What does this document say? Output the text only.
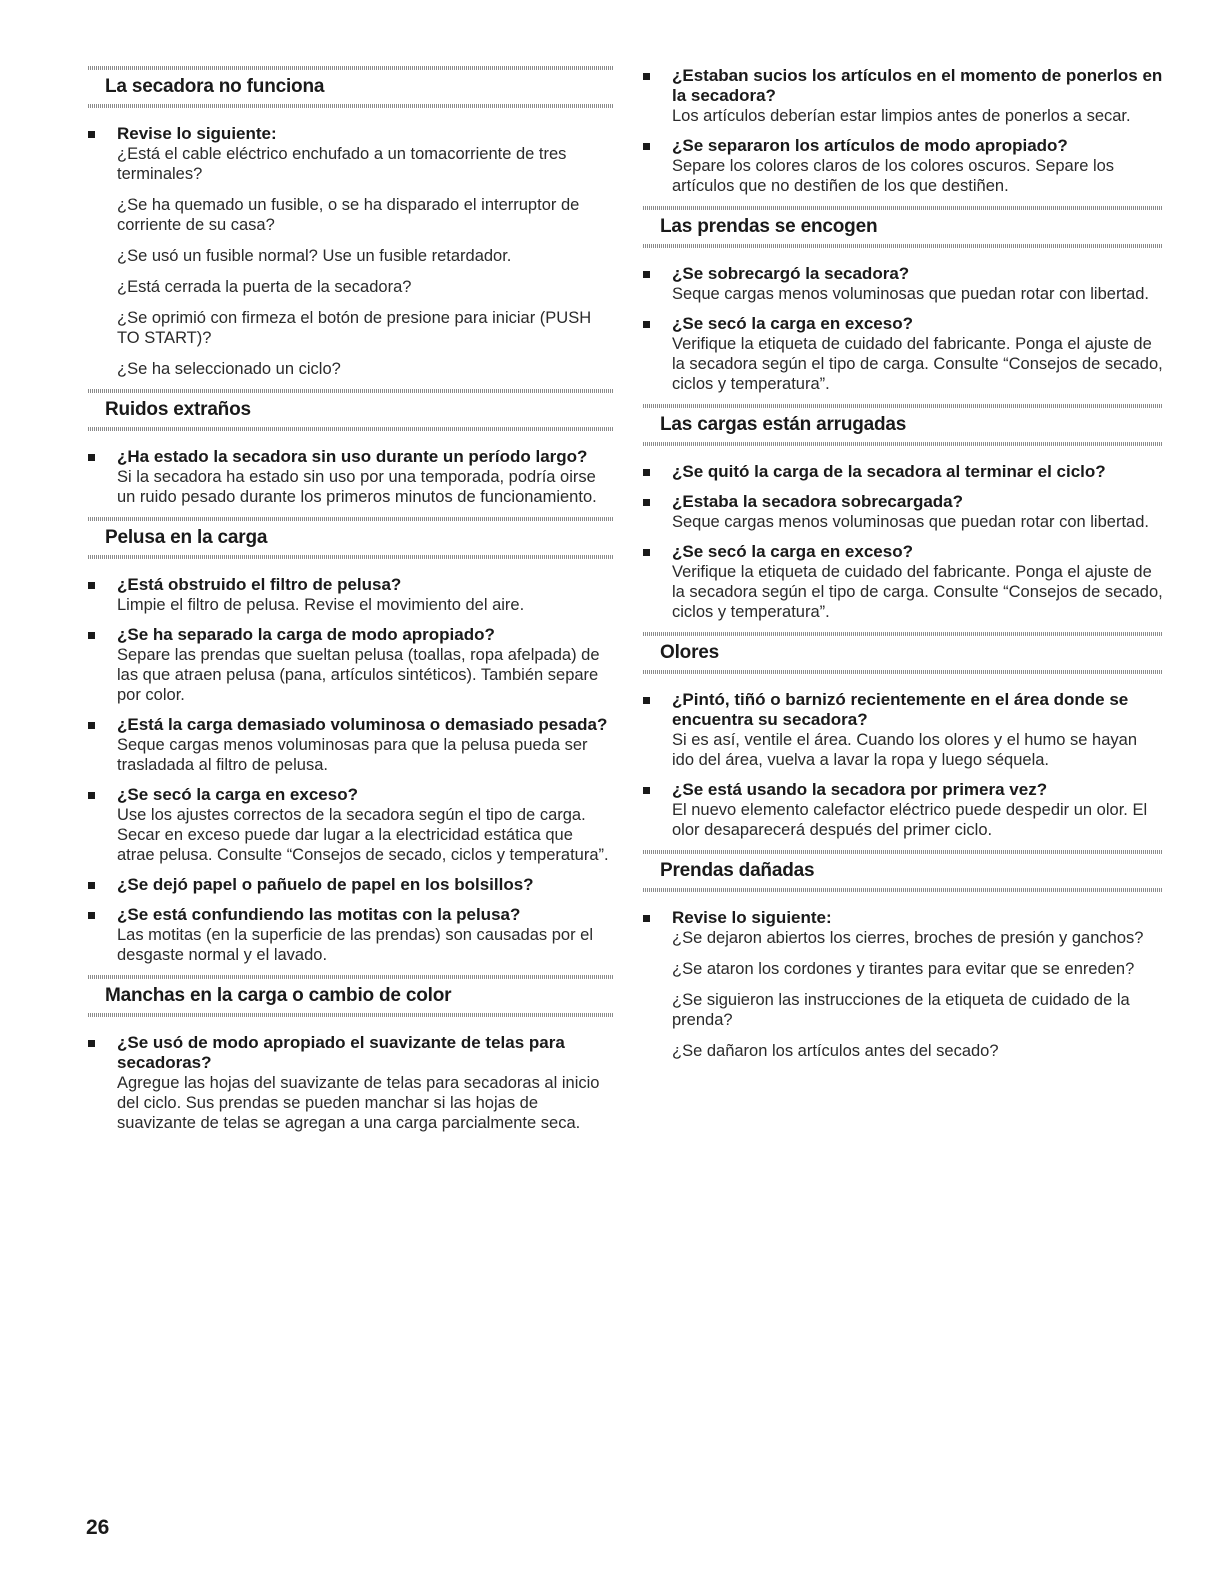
La secadora no funciona
Revise lo siguiente:
¿Está el cable eléctrico enchufado a un tomacorriente de tres terminales?
¿Se ha quemado un fusible, o se ha disparado el interruptor de corriente de su casa?
¿Se usó un fusible normal? Use un fusible retardador.
¿Está cerrada la puerta de la secadora?
¿Se oprimió con firmeza el botón de presione para iniciar (PUSH TO START)?
¿Se ha seleccionado un ciclo?
Ruidos extraños
¿Ha estado la secadora sin uso durante un período largo?
Si la secadora ha estado sin uso por una temporada, podría oirse un ruido pesado durante los primeros minutos de funcionamiento.
Pelusa en la carga
¿Está obstruido el filtro de pelusa?
Limpie el filtro de pelusa. Revise el movimiento del aire.
¿Se ha separado la carga de modo apropiado?
Separe las prendas que sueltan pelusa (toallas, ropa afelpada) de las que atraen pelusa (pana, artículos sintéticos). También separe por color.
¿Está la carga demasiado voluminosa o demasiado pesada?
Seque cargas menos voluminosas para que la pelusa pueda ser trasladada al filtro de pelusa.
¿Se secó la carga en exceso?
Use los ajustes correctos de la secadora según el tipo de carga. Secar en exceso puede dar lugar a la electricidad estática que atrae pelusa. Consulte “Consejos de secado, ciclos y temperatura”.
¿Se dejó papel o pañuelo de papel en los bolsillos?
¿Se está confundiendo las motitas con la pelusa?
Las motitas (en la superficie de las prendas) son causadas por el desgaste normal y el lavado.
Manchas en la carga o cambio de color
¿Se usó de modo apropiado el suavizante de telas para secadoras?
Agregue las hojas del suavizante de telas para secadoras al inicio del ciclo. Sus prendas se pueden manchar si las hojas de suavizante de telas se agregan a una carga parcialmente seca.
¿Estaban sucios los artículos en el momento de ponerlos en la secadora?
Los artículos deberían estar limpios antes de ponerlos a secar.
¿Se separaron los artículos de modo apropiado?
Separe los colores claros de los colores oscuros. Separe los artículos que no destiñen de los que destiñen.
Las prendas se encogen
¿Se sobrecargó la secadora?
Seque cargas menos voluminosas que puedan rotar con libertad.
¿Se secó la carga en exceso?
Verifique la etiqueta de cuidado del fabricante. Ponga el ajuste de la secadora según el tipo de carga. Consulte “Consejos de secado, ciclos y temperatura”.
Las cargas están arrugadas
¿Se quitó la carga de la secadora al terminar el ciclo?
¿Estaba la secadora sobrecargada?
Seque cargas menos voluminosas que puedan rotar con libertad.
¿Se secó la carga en exceso?
Verifique la etiqueta de cuidado del fabricante. Ponga el ajuste de la secadora según el tipo de carga. Consulte “Consejos de secado, ciclos y temperatura”.
Olores
¿Pintó, tiñó o barnizó recientemente en el área donde se encuentra su secadora?
Si es así, ventile el área. Cuando los olores y el humo se hayan ido del área, vuelva a lavar la ropa y luego séquela.
¿Se está usando la secadora por primera vez?
El nuevo elemento calefactor eléctrico puede despedir un olor. El olor desaparecerá después del primer ciclo.
Prendas dañadas
Revise lo siguiente:
¿Se dejaron abiertos los cierres, broches de presión y ganchos?
¿Se ataron los cordones y tirantes para evitar que se enreden?
¿Se siguieron las instrucciones de la etiqueta de cuidado de la prenda?
¿Se dañaron los artículos antes del secado?
26
